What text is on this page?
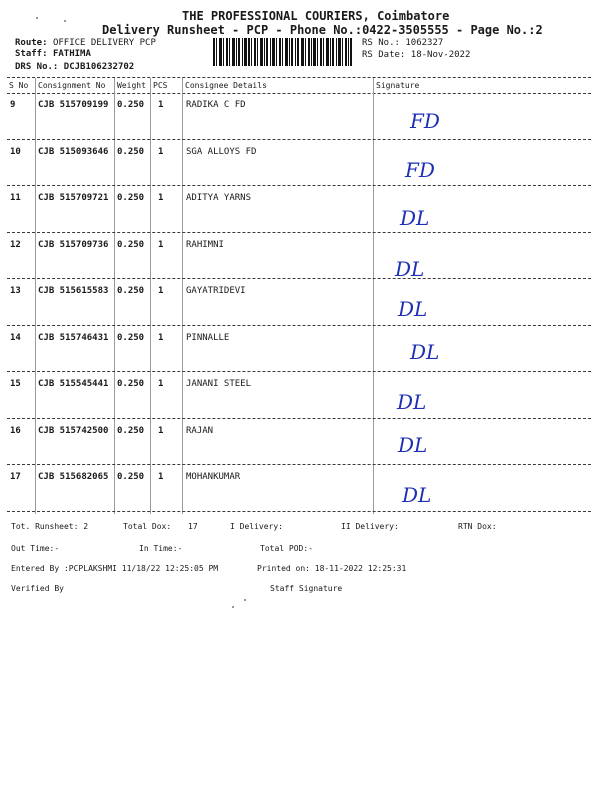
THE PROFESSIONAL COURIERS, Coimbatore
Delivery Runsheet - PCP - Phone No.:0422-3505555 - Page No.:2
Route: OFFICE DELIVERY PCP
Staff: FATHIMA
DRS No.: DCJB106232702
RS No.: 1062327
RS Date: 18-Nov-2022
S No Consignment No Weight PCS Consignee Details	Signature
9	CJB 515709199 0.250 1	RADIKA C FD
FD
10 CJB 515093646 0.250 1	SGA ALLOYS FD
FD
11 CJB 515709721 0.250 1	ADITYA YARNS
DL
12 CJB 515709736 0.250 1	RAHIMNI
DL
13 CJB 515615583 0.250 1	GAYATRIDEVI
DL
14 CJB 515746431 0.250 1	PINNALLE
DL
15 CJB 515545441 0.250 1	JANANI STEEL
DL
16 CJB 515742500 0.250 1	RAJAN
DL
17 CJB 515682065 0.250 1	MOHANKUMAR
DL
Tot. Runsheet: 2	Total Dox: 17	I Delivery:	II Delivery:	RTN Dox:
Out Time:-	In Time:-	Total POD:-
Entered By :PCPLAKSHMI 11/18/22 12:25:05 PM	Printed on: 18-11-2022 12:25:31
Verified By	Staff Signature
